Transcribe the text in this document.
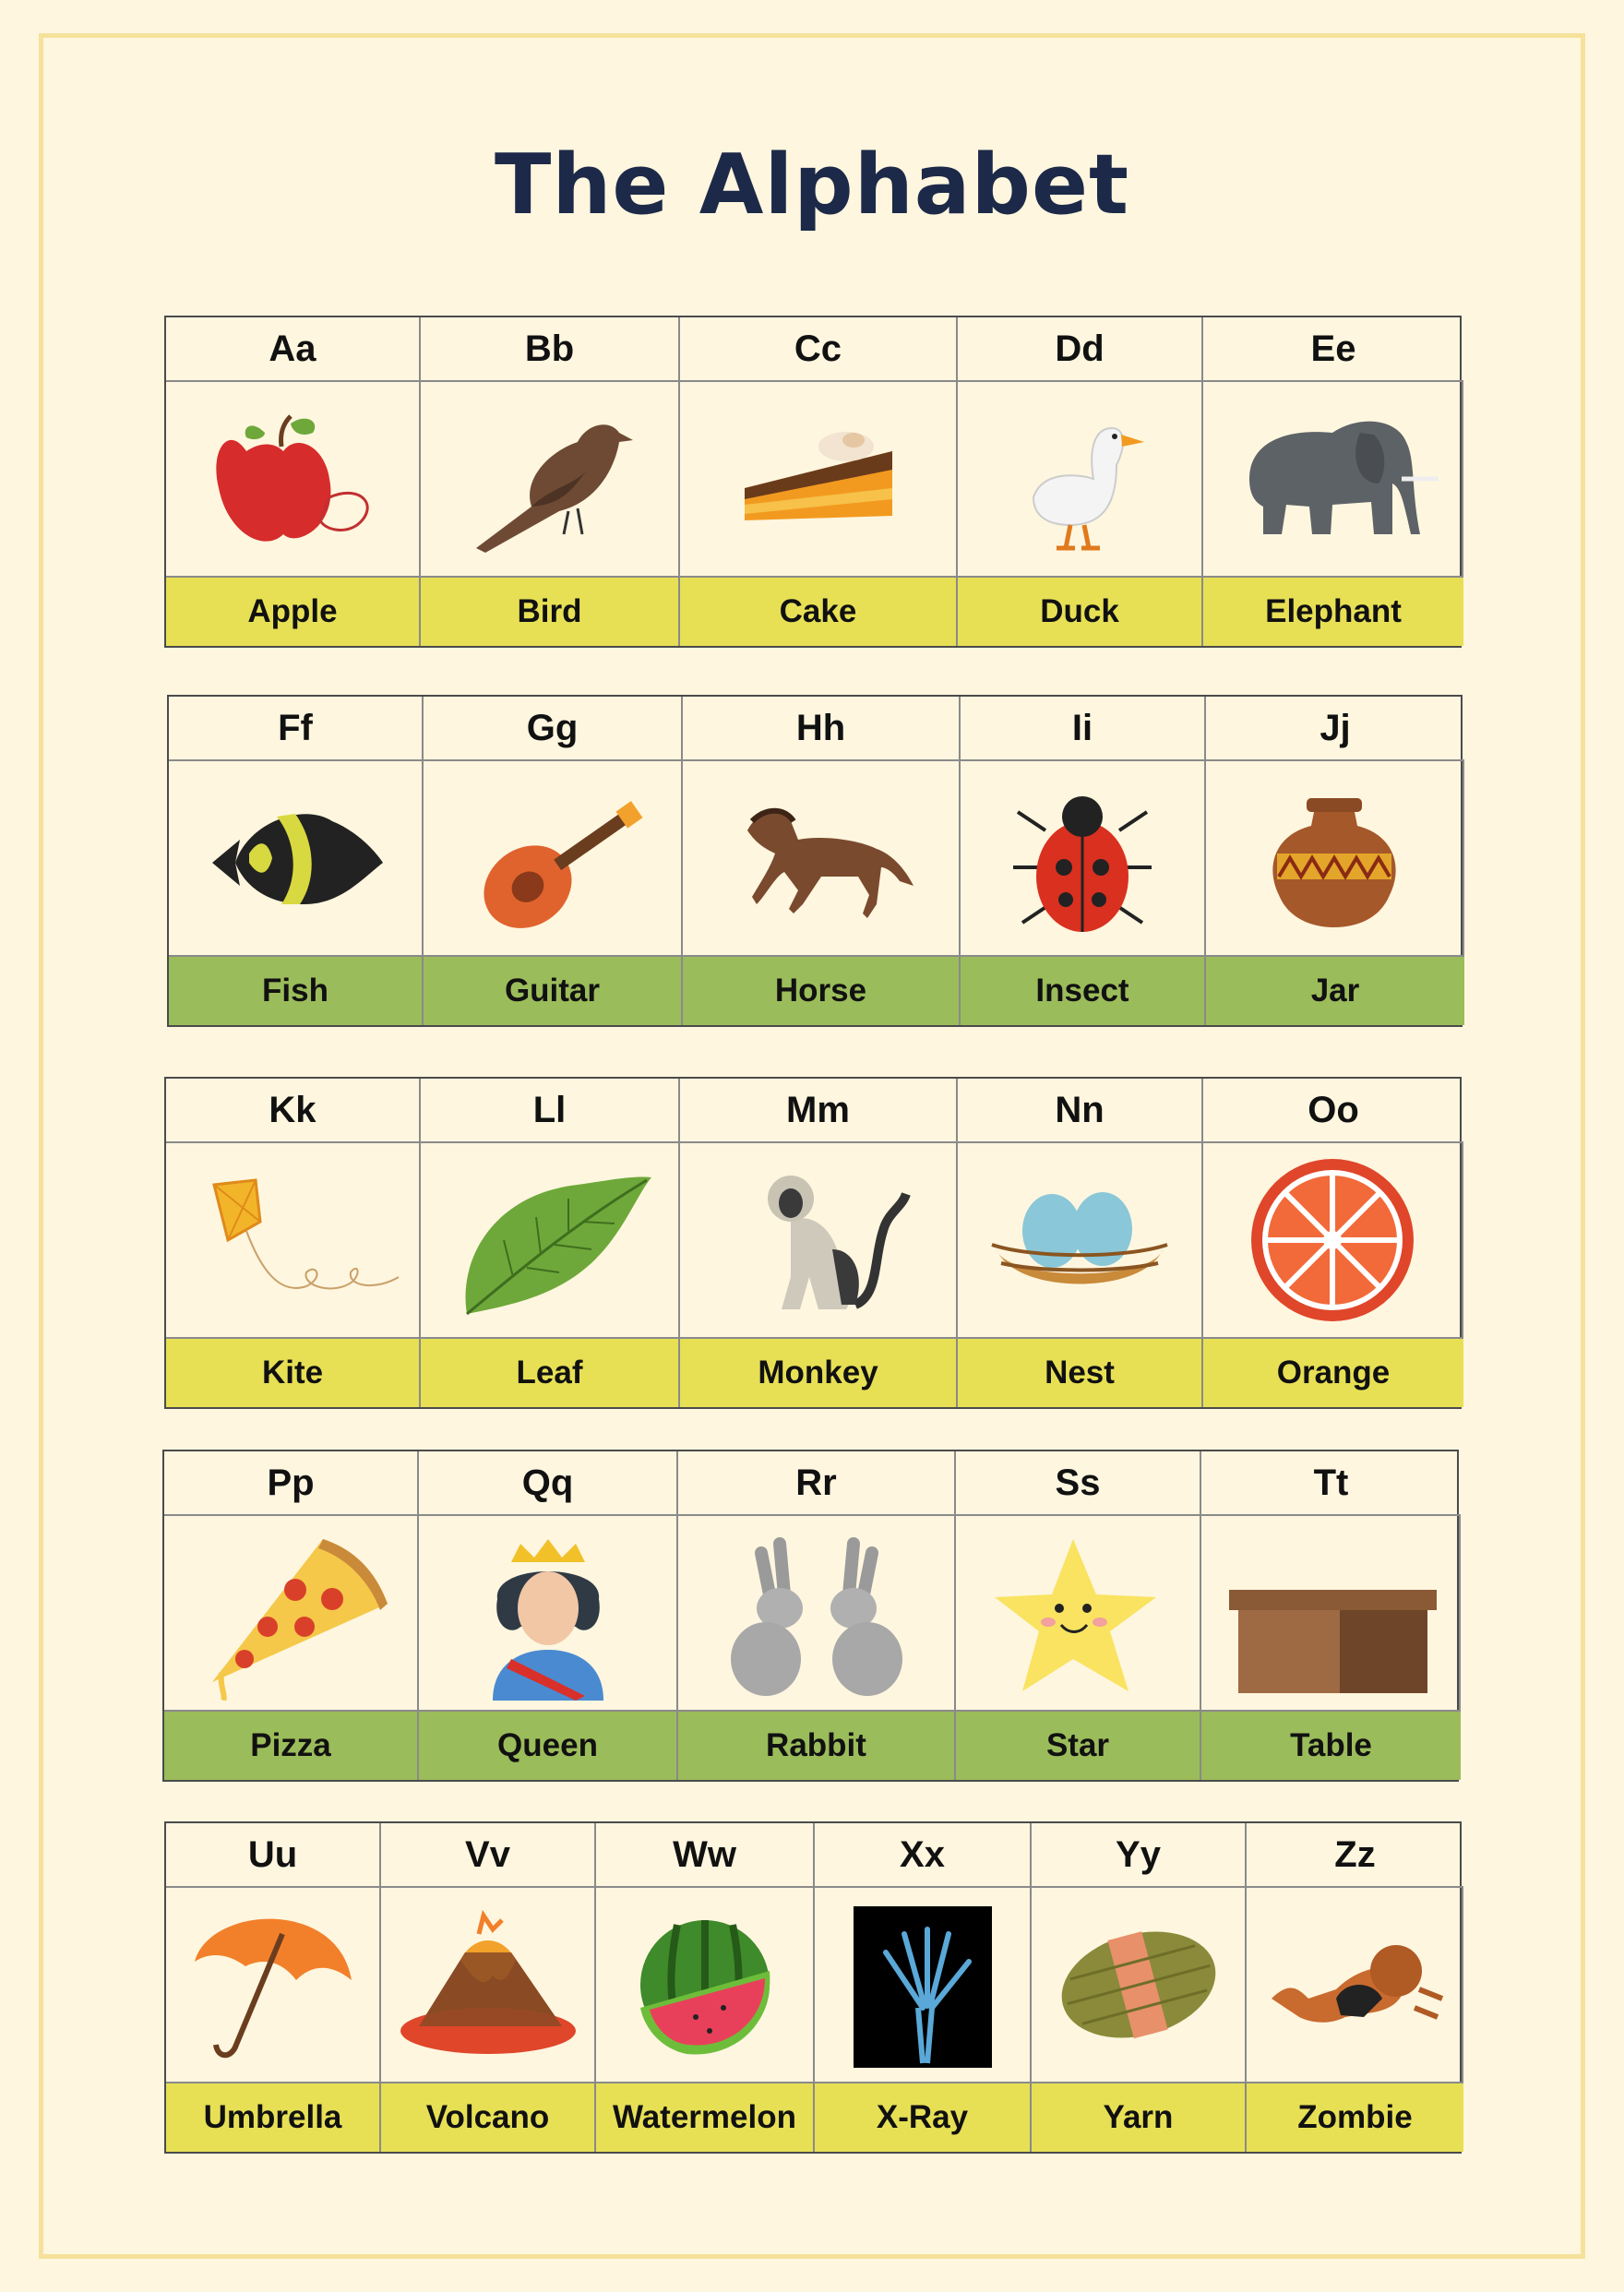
The Alphabet
Aa	Bb	Cc	Dd	Ee
Apple	Bird	Cake	Duck	Elephant
Ff	Gg	Hh	Ii	Jj
Fish	Guitar	Horse	Insect	Jar
Kk	Ll	Mm	Nn	Oo
Kite	Leaf	Monkey	Nest	Orange
Pp	Qq	Rr	Ss	Tt
Pizza	Queen	Rabbit	Star	Table
Uu	Vv	Ww	Xx	Yy	Zz
Umbrella	Volcano	Watermelon	X-Ray	Yarn	Zombie
